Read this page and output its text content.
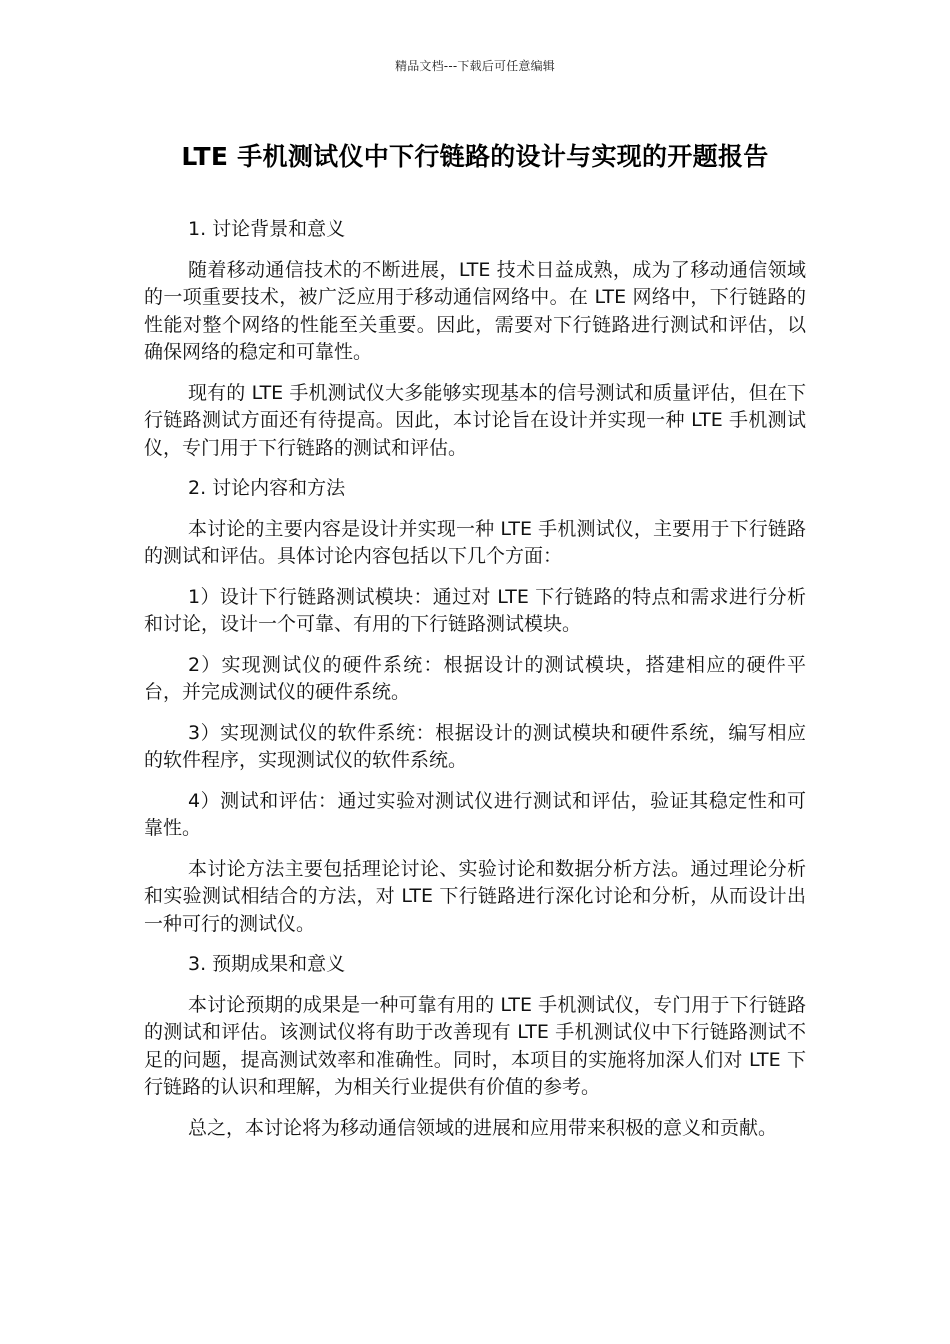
精品文档---下载后可任意编辑
LTE 手机测试仪中下行链路的设计与实现的开题报告
1. 讨论背景和意义
随着移动通信技术的不断进展，LTE 技术日益成熟，成为了移动通信领域的一项重要技术，被广泛应用于移动通信网络中。在 LTE 网络中，下行链路的性能对整个网络的性能至关重要。因此，需要对下行链路进行测试和评估，以确保网络的稳定和可靠性。
现有的 LTE 手机测试仪大多能够实现基本的信号测试和质量评估，但在下行链路测试方面还有待提高。因此，本讨论旨在设计并实现一种 LTE 手机测试仪，专门用于下行链路的测试和评估。
2. 讨论内容和方法
本讨论的主要内容是设计并实现一种 LTE 手机测试仪，主要用于下行链路的测试和评估。具体讨论内容包括以下几个方面：
1）设计下行链路测试模块：通过对 LTE 下行链路的特点和需求进行分析和讨论，设计一个可靠、有用的下行链路测试模块。
2）实现测试仪的硬件系统：根据设计的测试模块，搭建相应的硬件平台，并完成测试仪的硬件系统。
3）实现测试仪的软件系统：根据设计的测试模块和硬件系统，编写相应的软件程序，实现测试仪的软件系统。
4）测试和评估：通过实验对测试仪进行测试和评估，验证其稳定性和可靠性。
本讨论方法主要包括理论讨论、实验讨论和数据分析方法。通过理论分析和实验测试相结合的方法，对 LTE 下行链路进行深化讨论和分析，从而设计出一种可行的测试仪。
3. 预期成果和意义
本讨论预期的成果是一种可靠有用的 LTE 手机测试仪，专门用于下行链路的测试和评估。该测试仪将有助于改善现有 LTE 手机测试仪中下行链路测试不足的问题，提高测试效率和准确性。同时，本项目的实施将加深人们对 LTE 下行链路的认识和理解，为相关行业提供有价值的参考。
总之，本讨论将为移动通信领域的进展和应用带来积极的意义和贡献。
